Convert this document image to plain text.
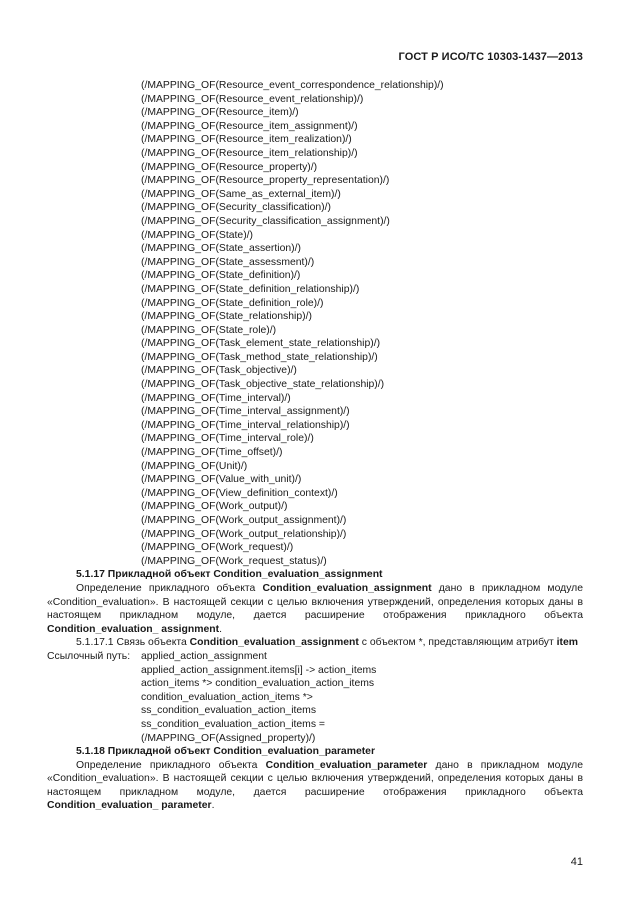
ГОСТ Р ИСО/ТС 10303-1437—2013
(/MAPPING_OF(Resource_event_correspondence_relationship)/)
(/MAPPING_OF(Resource_event_relationship)/)
(/MAPPING_OF(Resource_item)/)
(/MAPPING_OF(Resource_item_assignment)/)
(/MAPPING_OF(Resource_item_realization)/)
(/MAPPING_OF(Resource_item_relationship)/)
(/MAPPING_OF(Resource_property)/)
(/MAPPING_OF(Resource_property_representation)/)
(/MAPPING_OF(Same_as_external_item)/)
(/MAPPING_OF(Security_classification)/)
(/MAPPING_OF(Security_classification_assignment)/)
(/MAPPING_OF(State)/)
(/MAPPING_OF(State_assertion)/)
(/MAPPING_OF(State_assessment)/)
(/MAPPING_OF(State_definition)/)
(/MAPPING_OF(State_definition_relationship)/)
(/MAPPING_OF(State_definition_role)/)
(/MAPPING_OF(State_relationship)/)
(/MAPPING_OF(State_role)/)
(/MAPPING_OF(Task_element_state_relationship)/)
(/MAPPING_OF(Task_method_state_relationship)/)
(/MAPPING_OF(Task_objective)/)
(/MAPPING_OF(Task_objective_state_relationship)/)
(/MAPPING_OF(Time_interval)/)
(/MAPPING_OF(Time_interval_assignment)/)
(/MAPPING_OF(Time_interval_relationship)/)
(/MAPPING_OF(Time_interval_role)/)
(/MAPPING_OF(Time_offset)/)
(/MAPPING_OF(Unit)/)
(/MAPPING_OF(Value_with_unit)/)
(/MAPPING_OF(View_definition_context)/)
(/MAPPING_OF(Work_output)/)
(/MAPPING_OF(Work_output_assignment)/)
(/MAPPING_OF(Work_output_relationship)/)
(/MAPPING_OF(Work_request)/)
(/MAPPING_OF(Work_request_status)/)
5.1.17 Прикладной объект Condition_evaluation_assignment
Определение прикладного объекта Condition_evaluation_assignment дано в прикладном модуле «Condition_evaluation». В настоящей секции с целью включения утверждений, определения которых даны в настоящем прикладном модуле, дается расширение отображения прикладного объекта Condition_evaluation_ assignment.
5.1.17.1 Связь объекта Condition_evaluation_assignment с объектом *, представляющим атрибут item
Ссылочный путь:	applied_action_assignment
applied_action_assignment.items[i] -> action_items
action_items *> condition_evaluation_action_items
condition_evaluation_action_items *>
ss_condition_evaluation_action_items
ss_condition_evaluation_action_items =
(/MAPPING_OF(Assigned_property)/)
5.1.18 Прикладной объект Condition_evaluation_parameter
Определение прикладного объекта Condition_evaluation_parameter дано в прикладном модуле «Condition_evaluation». В настоящей секции с целью включения утверждений, определения которых даны в настоящем прикладном модуле, дается расширение отображения прикладного объекта Condition_evaluation_ parameter.
41
